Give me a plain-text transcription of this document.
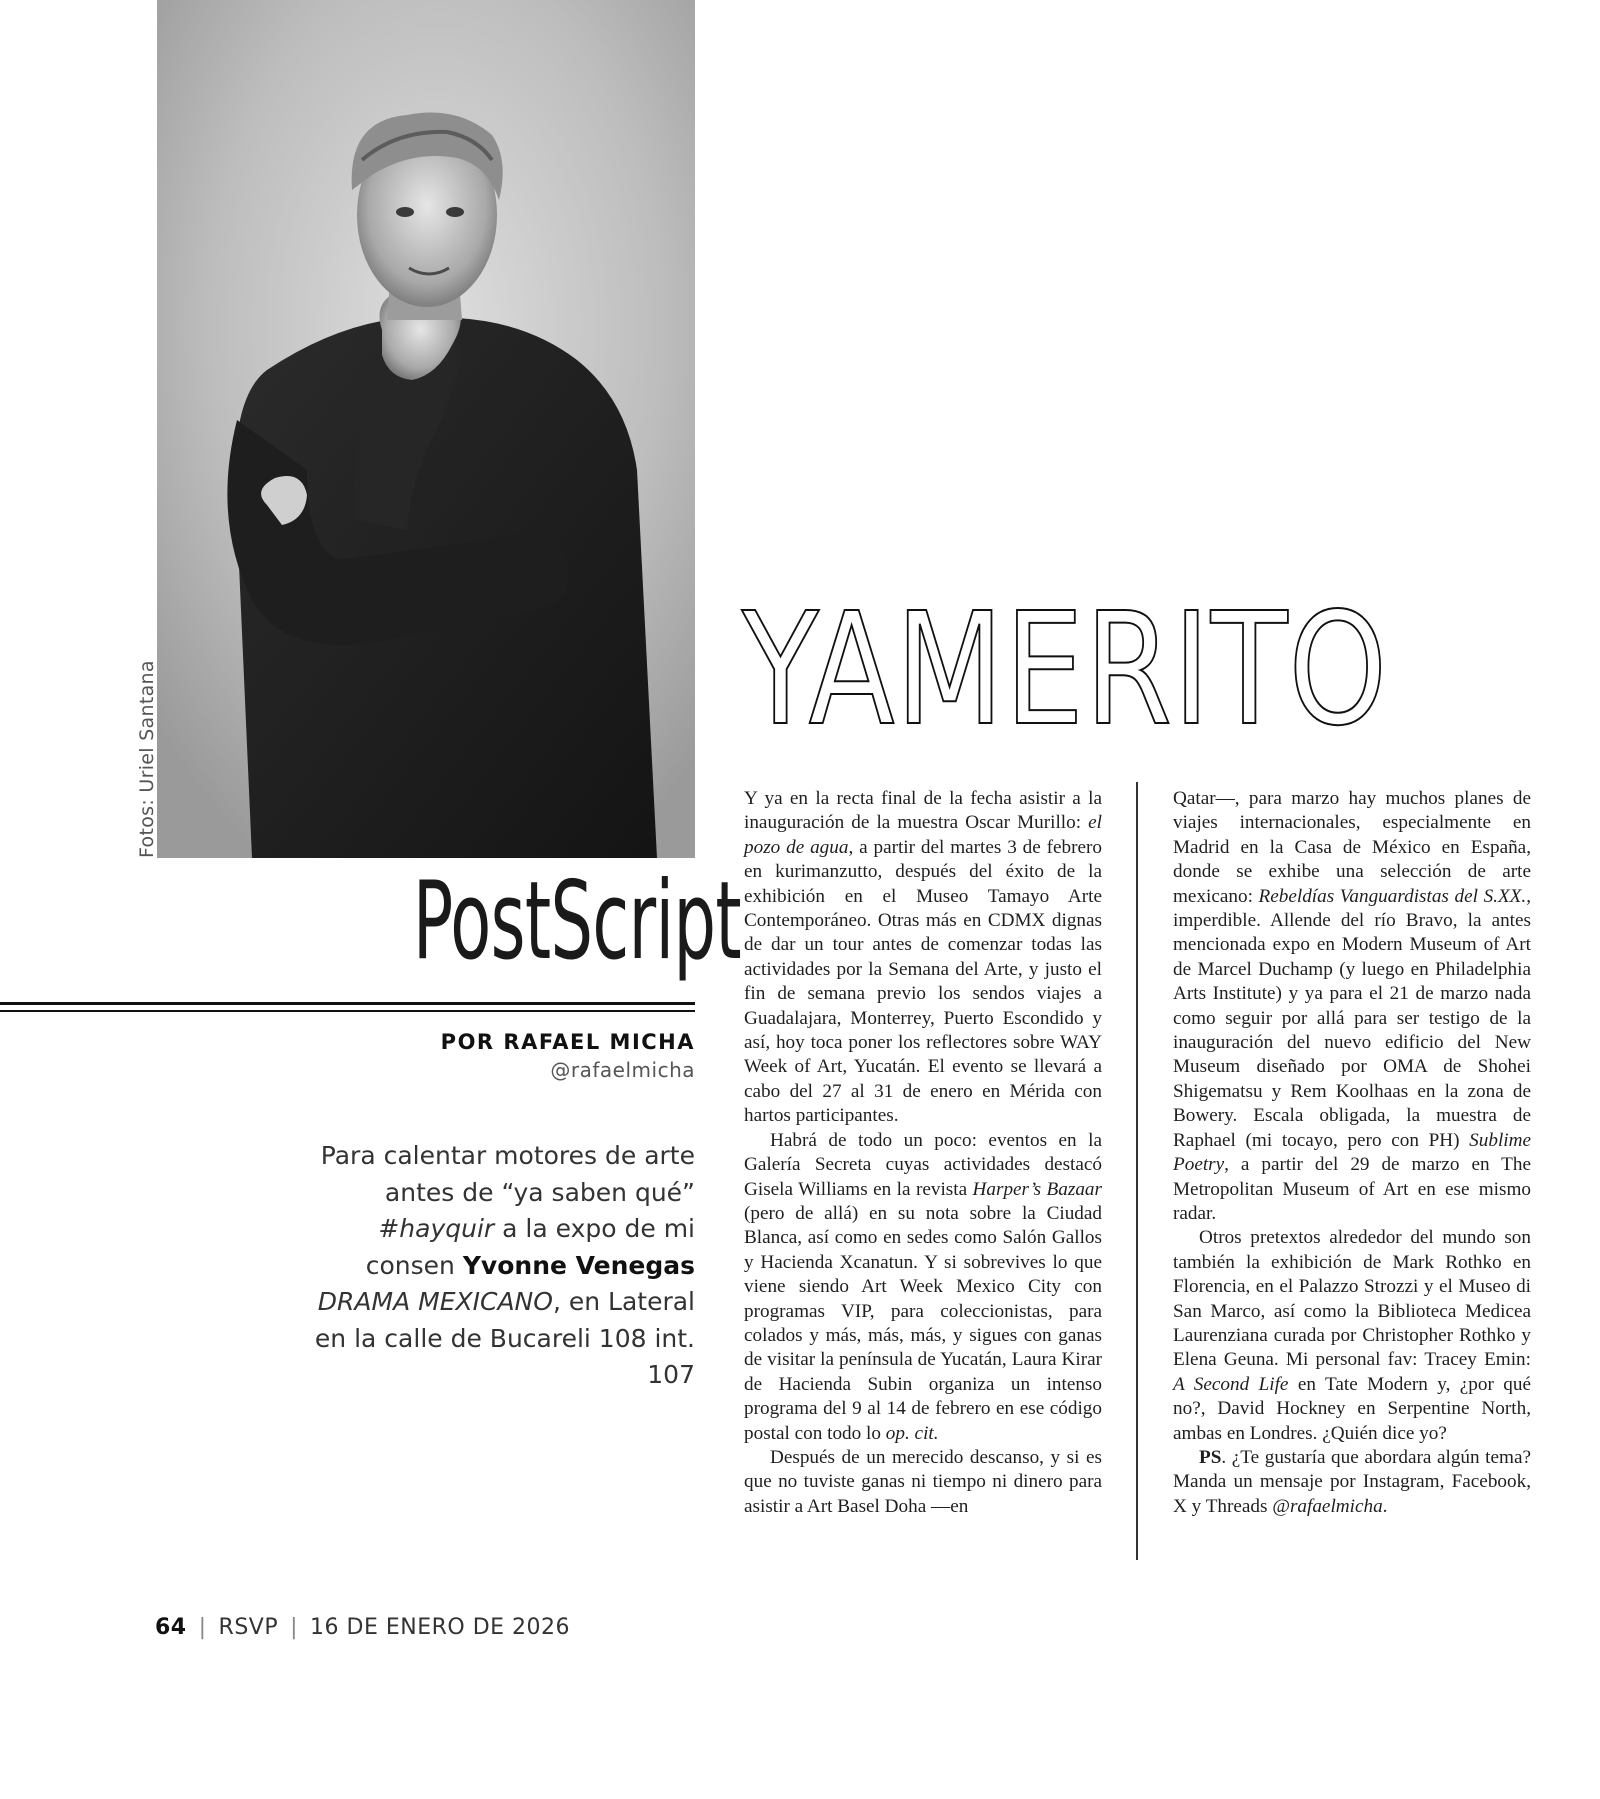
Fotos: Uriel Santana
PostScript
POR RAFAEL MICHA
@rafaelmicha
Para calentar motores de arte antes de “ya saben qué” #hayquir a la expo de mi consen Yvonne Venegas DRAMA MEXICANO, en Lateral en la calle de Bucareli 108 int. 107
YAMERITO

Y ya en la recta final de la fecha asistir a la inauguración de la muestra Oscar Murillo: el pozo de agua, a partir del martes 3 de febrero en kurimanzutto, después del éxito de la exhibición en el Museo Tamayo Arte Contemporáneo. Otras más en CDMX dignas de dar un tour antes de comenzar todas las actividades por la Semana del Arte, y justo el fin de semana previo los sendos viajes a Guadalajara, Monterrey, Puerto Escondido y así, hoy toca poner los reflectores sobre WAY Week of Art, Yucatán. El evento se llevará a cabo del 27 al 31 de enero en Mérida con hartos participantes.

Habrá de todo un poco: eventos en la Galería Secreta cuyas actividades destacó Gisela Williams en la revista Harper’s Bazaar (pero de allá) en su nota sobre la Ciudad Blanca, así como en sedes como Salón Gallos y Hacienda Xcanatun. Y si sobrevives lo que viene siendo Art Week Mexico City con programas VIP, para coleccionistas, para colados y más, más, más, y sigues con ganas de visitar la península de Yucatán, Laura Kirar de Hacienda Subin organiza un intenso programa del 9 al 14 de febrero en ese código postal con todo lo op. cit.

Después de un merecido descanso, y si es que no tuviste ganas ni tiempo ni dinero para asistir a Art Basel Doha —en

Qatar—, para marzo hay muchos planes de viajes internacionales, especialmente en Madrid en la Casa de México en España, donde se exhibe una selección de arte mexicano: Rebeldías Vanguardistas del S.XX., imperdible. Allende del río Bravo, la antes mencionada expo en Modern Museum of Art de Marcel Duchamp (y luego en Philadelphia Arts Institute) y ya para el 21 de marzo nada como seguir por allá para ser testigo de la inauguración del nuevo edificio del New Museum diseñado por OMA de Shohei Shigematsu y Rem Koolhaas en la zona de Bowery. Escala obligada, la muestra de Raphael (mi tocayo, pero con PH) Sublime Poetry, a partir del 29 de marzo en The Metropolitan Museum of Art en ese mismo radar.

Otros pretextos alrededor del mundo son también la exhibición de Mark Rothko en Florencia, en el Palazzo Strozzi y el Museo di San Marco, así como la Biblioteca Medicea Laurenziana curada por Christopher Rothko y Elena Geuna. Mi personal fav: Tracey Emin: A Second Life en Tate Modern y, ¿por qué no?, David Hockney en Serpentine North, ambas en Londres. ¿Quién dice yo?

PS. ¿Te gustaría que abordara algún tema? Manda un mensaje por Instagram, Facebook, X y Threads @rafaelmicha.

64 | RSVP | 16 DE ENERO DE 2026
